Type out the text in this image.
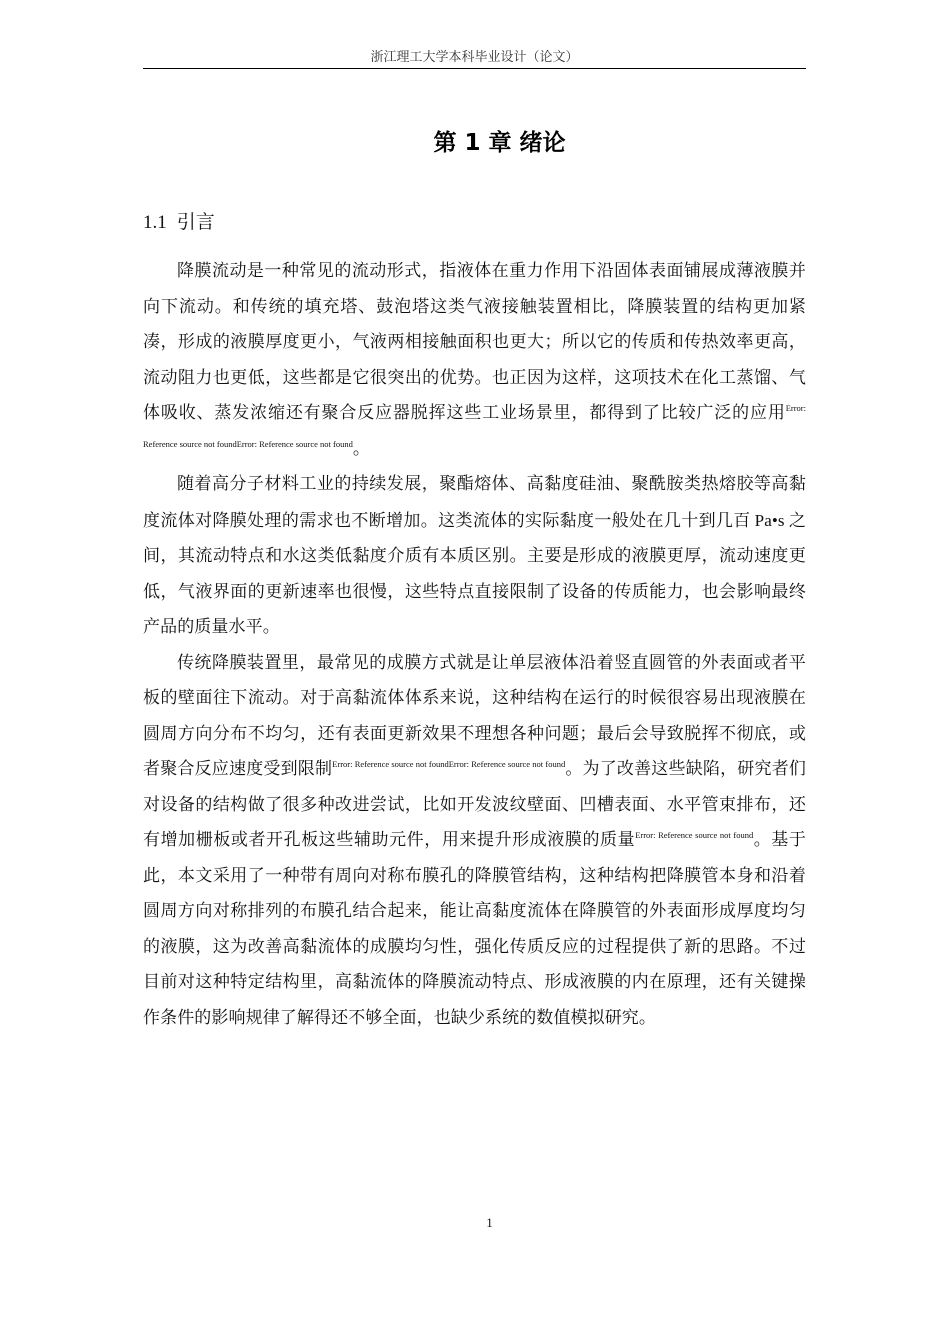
浙江理工大学本科毕业设计（论文）
第 1 章 绪论
1.1 引言

降膜流动是一种常见的流动形式，指液体在重力作用下沿固体表面铺展成薄液膜并向下流动。和传统的填充塔、鼓泡塔这类气液接触装置相比，降膜装置的结构更加紧凑，形成的液膜厚度更小，气液两相接触面积也更大；所以它的传质和传热效率更高，流动阻力也更低，这些都是它很突出的优势。也正因为这样，这项技术在化工蒸馏、气体吸收、蒸发浓缩还有聚合反应器脱挥这些工业场景里，都得到了比较广泛的应用$^{Error: Reference source not foundError: Reference source not found}$。

随着高分子材料工业的持续发展，聚酯熔体、高黏度硅油、聚酰胺类热熔胶等高黏度流体对降膜处理的需求也不断增加。这类流体的实际黏度一般处在几十到几百 Pa•s 之间，其流动特点和水这类低黏度介质有本质区别。主要是形成的液膜更厚，流动速度更低，气液界面的更新速率也很慢，这些特点直接限制了设备的传质能力，也会影响最终产品的质量水平。

传统降膜装置里，最常见的成膜方式就是让单层液体沿着竖直圆管的外表面或者平板的壁面往下流动。对于高黏流体体系来说，这种结构在运行的时候很容易出现液膜在圆周方向分布不均匀，还有表面更新效果不理想各种问题；最后会导致脱挥不彻底，或者聚合反应速度受到限制$^{Error: Reference source not foundError: Reference source not found}$。为了改善这些缺陷，研究者们对设备的结构做了很多种改进尝试，比如开发波纹壁面、凹槽表面、水平管束排布，还有增加栅板或者开孔板这些辅助元件，用来提升形成液膜的质量$^{Error: Reference source not found}$。基于此，本文采用了一种带有周向对称布膜孔的降膜管结构，这种结构把降膜管本身和沿着圆周方向对称排列的布膜孔结合起来，能让高黏度流体在降膜管的外表面形成厚度均匀的液膜，这为改善高黏流体的成膜均匀性，强化传质反应的过程提供了新的思路。不过目前对这种特定结构里，高黏流体的降膜流动特点、形成液膜的内在原理，还有关键操作条件的影响规律了解得还不够全面，也缺少系统的数值模拟研究。

1
